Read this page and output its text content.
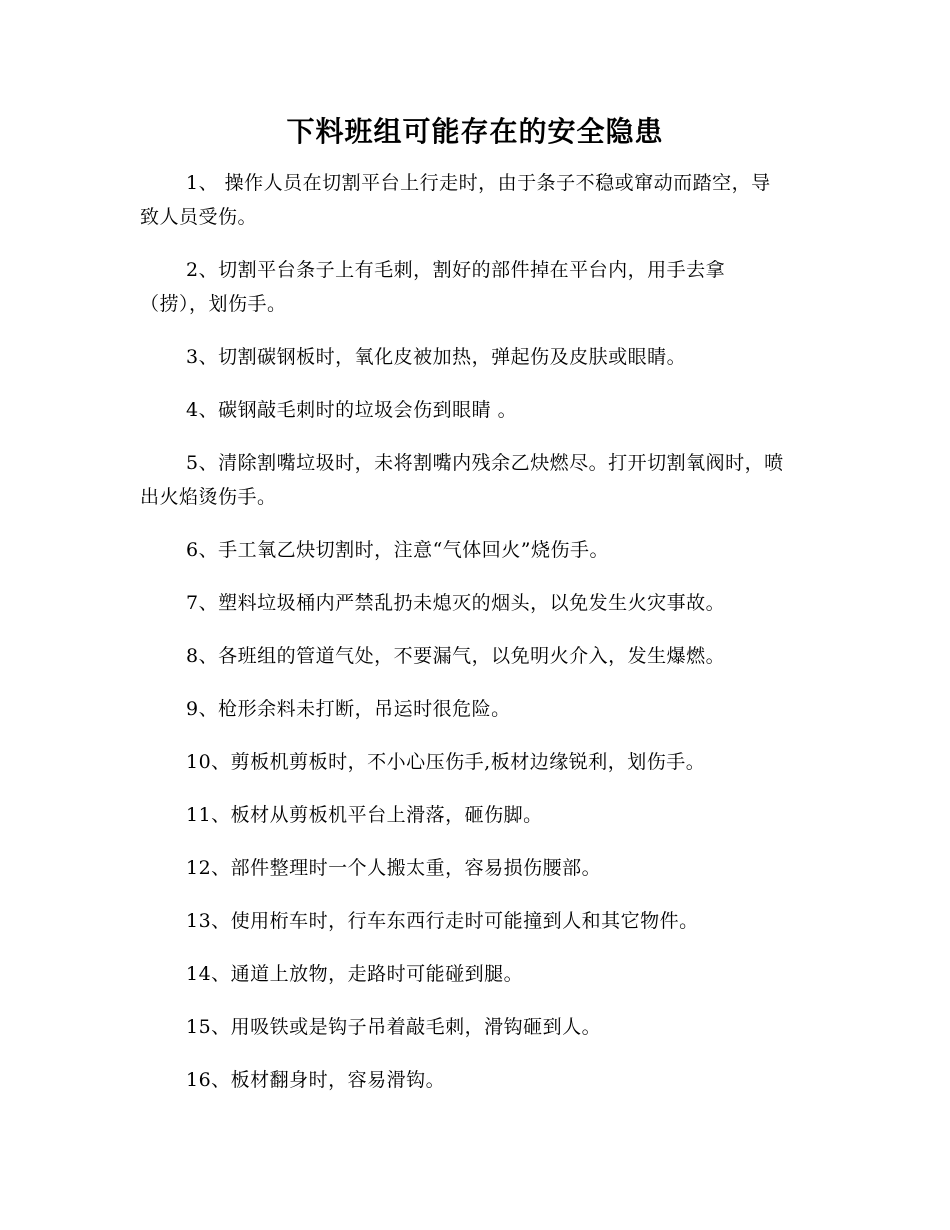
下料班组可能存在的安全隐患
1、 操作人员在切割平台上行走时，由于条子不稳或窜动而踏空，导致人员受伤。
2、切割平台条子上有毛刺，割好的部件掉在平台内，用手去拿（捞），划伤手。
3、切割碳钢板时，氧化皮被加热，弹起伤及皮肤或眼睛。
4、碳钢敲毛刺时的垃圾会伤到眼睛 。
5、清除割嘴垃圾时，未将割嘴内残余乙炔燃尽。打开切割氧阀时，喷出火焰烫伤手。
6、手工氧乙炔切割时，注意“气体回火”烧伤手。
7、塑料垃圾桶内严禁乱扔未熄灭的烟头，以免发生火灾事故。
8、各班组的管道气处，不要漏气，以免明火介入，发生爆燃。
9、枪形余料未打断，吊运时很危险。
10、剪板机剪板时，不小心压伤手,板材边缘锐利，划伤手。
11、板材从剪板机平台上滑落，砸伤脚。
12、部件整理时一个人搬太重，容易损伤腰部。
13、使用桁车时，行车东西行走时可能撞到人和其它物件。
14、通道上放物，走路时可能碰到腿。
15、用吸铁或是钩子吊着敲毛刺，滑钩砸到人。
16、板材翻身时，容易滑钩。
